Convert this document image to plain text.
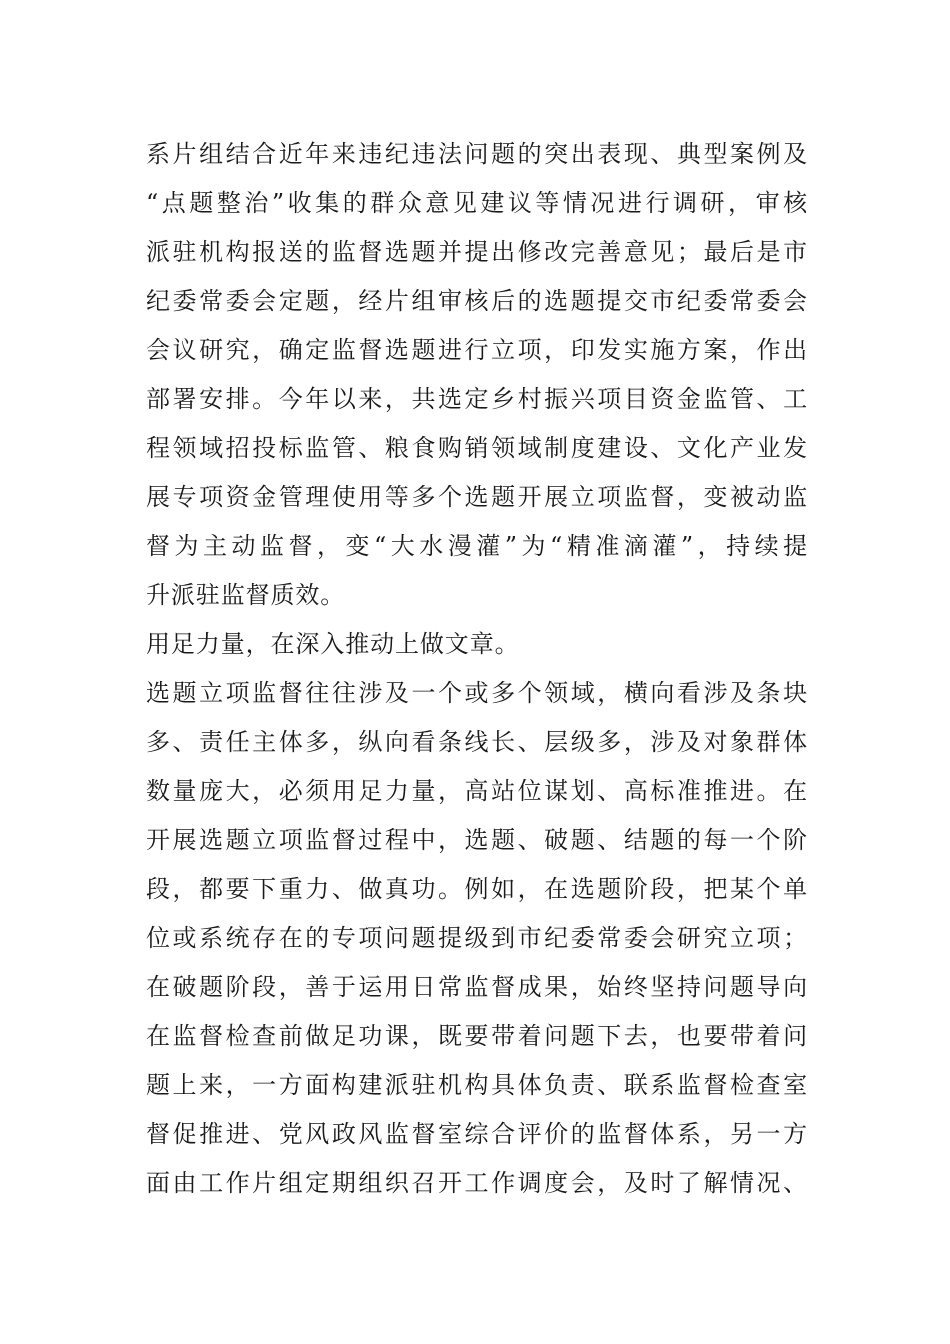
系片组结合近年来违纪违法问题的突出表现、典型案例及
“点题整治”收集的群众意见建议等情况进行调研，审核
派驻机构报送的监督选题并提出修改完善意见；最后是市
纪委常委会定题，经片组审核后的选题提交市纪委常委会
会议研究，确定监督选题进行立项，印发实施方案，作出
部署安排。今年以来，共选定乡村振兴项目资金监管、工
程领域招投标监管、粮食购销领域制度建设、文化产业发
展专项资金管理使用等多个选题开展立项监督，变被动监
督为主动监督，变“大水漫灌”为“精准滴灌”，持续提
升派驻监督质效。
用足力量，在深入推动上做文章。
选题立项监督往往涉及一个或多个领域，横向看涉及条块
多、责任主体多，纵向看条线长、层级多，涉及对象群体
数量庞大，必须用足力量，高站位谋划、高标准推进。在
开展选题立项监督过程中，选题、破题、结题的每一个阶
段，都要下重力、做真功。例如，在选题阶段，把某个单
位或系统存在的专项问题提级到市纪委常委会研究立项；
在破题阶段，善于运用日常监督成果，始终坚持问题导向
在监督检查前做足功课，既要带着问题下去，也要带着问
题上来，一方面构建派驻机构具体负责、联系监督检查室
督促推进、党风政风监督室综合评价的监督体系，另一方
面由工作片组定期组织召开工作调度会，及时了解情况、
